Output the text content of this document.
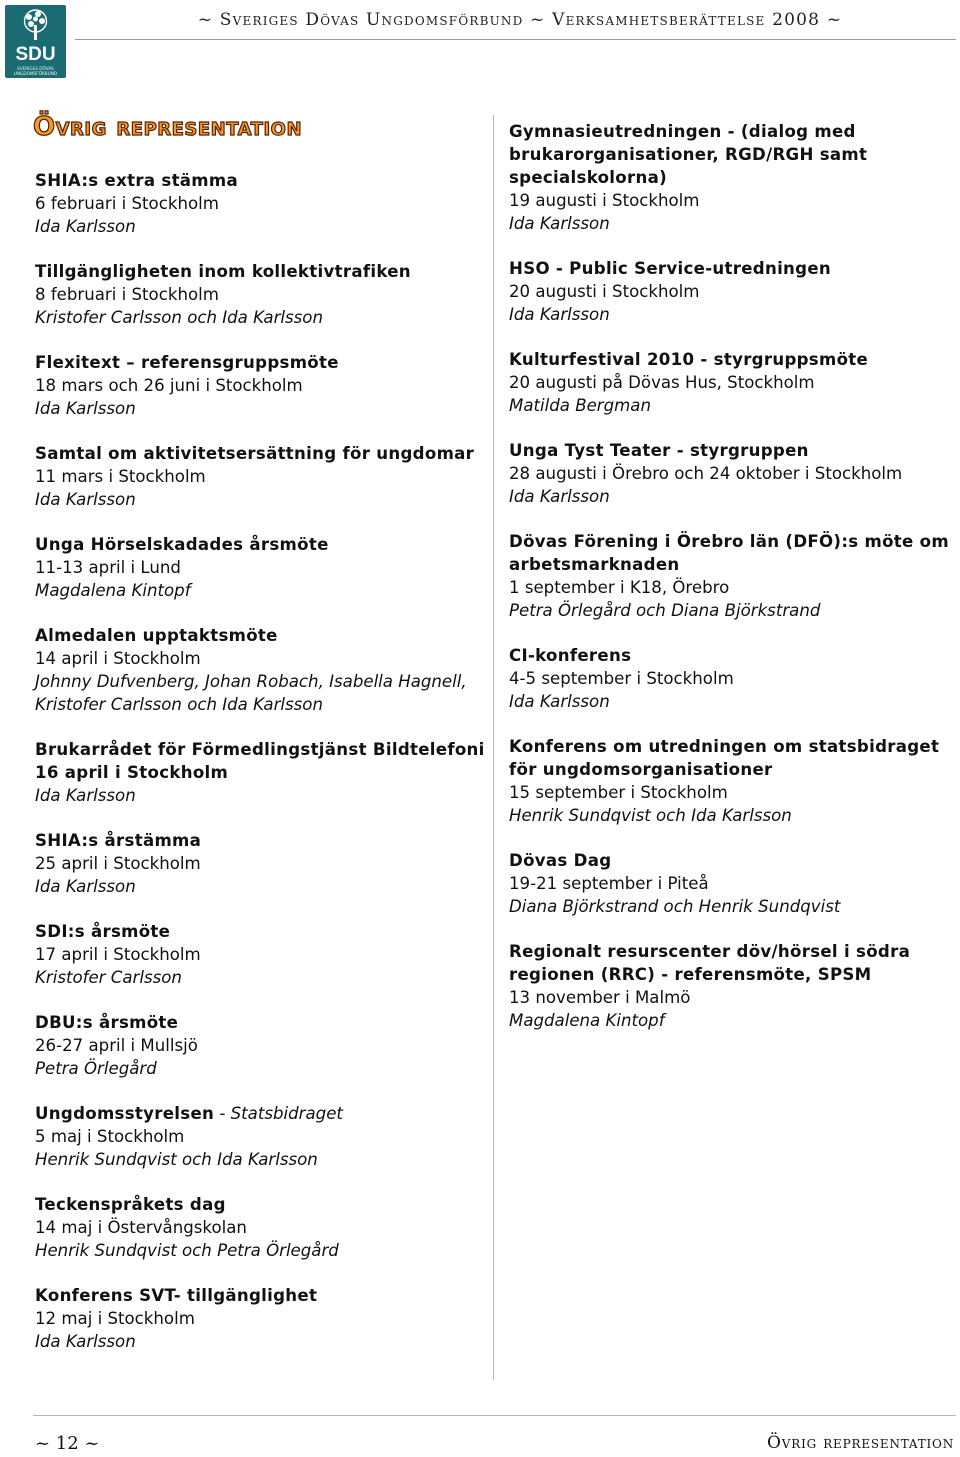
SDU
SVERIGES DÖVAS
UNGDOMSFÖRBUND
~ Sveriges Dövas Ungdomsförbund ~ Verksamhetsberättelse 2008 ~
Övrig representation
SHIA:s extra stämma
6 februari i Stockholm
Ida Karlsson
Tillgängligheten inom kollektivtrafiken
8 februari i Stockholm
Kristofer Carlsson och Ida Karlsson
Flexitext – referensgruppsmöte
18 mars och 26 juni i Stockholm
Ida Karlsson
Samtal om aktivitetsersättning för ungdomar
11 mars i Stockholm
Ida Karlsson
Unga Hörselskadades årsmöte
11-13 april i Lund
Magdalena Kintopf
Almedalen upptaktsmöte
14 april i Stockholm
Johnny Dufvenberg, Johan Robach, Isabella Hagnell, Kristofer Carlsson och Ida Karlsson
Brukarrådet för Förmedlingstjänst Bildtelefoni 16 april i Stockholm
Ida Karlsson
SHIA:s årstämma
25 april i Stockholm
Ida Karlsson
SDI:s årsmöte
17 april i Stockholm
Kristofer Carlsson
DBU:s årsmöte
26-27 april i Mullsjö
Petra Örlegård
Ungdomsstyrelsen - Statsbidraget
5 maj i Stockholm
Henrik Sundqvist och Ida Karlsson
Teckenspråkets dag
14 maj i Östervångskolan
Henrik Sundqvist och Petra Örlegård
Konferens SVT- tillgänglighet
12 maj i Stockholm
Ida Karlsson
Gymnasieutredningen - (dialog med brukarorganisationer, RGD/RGH samt specialskolorna)
19 augusti i Stockholm
Ida Karlsson
HSO - Public Service-utredningen
20 augusti i Stockholm
Ida Karlsson
Kulturfestival 2010 - styrgruppsmöte
20 augusti på Dövas Hus, Stockholm
Matilda Bergman
Unga Tyst Teater - styrgruppen
28 augusti i Örebro och 24 oktober i Stockholm
Ida Karlsson
Dövas Förening i Örebro län (DFÖ):s möte om arbetsmarknaden
1 september i K18, Örebro
Petra Örlegård och Diana Björkstrand
CI-konferens
4-5 september i Stockholm
Ida Karlsson
Konferens om utredningen om statsbidraget för ungdomsorganisationer
15 september i Stockholm
Henrik Sundqvist och Ida Karlsson
Dövas Dag
19-21 september i Piteå
Diana Björkstrand och Henrik Sundqvist
Regionalt resurscenter döv/hörsel i södra regionen (RRC) - referensmöte, SPSM
13 november i Malmö
Magdalena Kintopf
~ 12 ~	Övrig representation
